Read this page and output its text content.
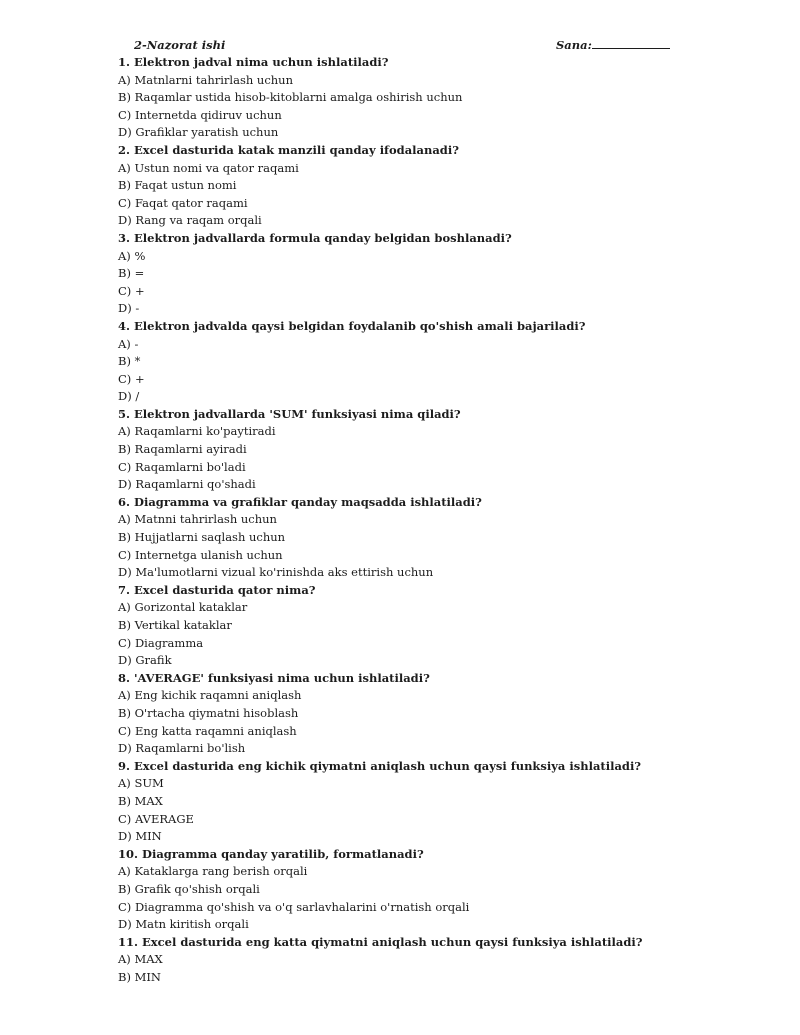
2-Nazorat ishi	Sana:
1. Elektron jadval nima uchun ishlatiladi?
A) Matnlarni tahrirlash uchun
B) Raqamlar ustida hisob-kitoblarni amalga oshirish uchun
C) Internetda qidiruv uchun
D) Grafiklar yaratish uchun
2. Excel dasturida katak manzili qanday ifodalanadi?
A) Ustun nomi va qator raqami
B) Faqat ustun nomi
C) Faqat qator raqami
D) Rang va raqam orqali
3. Elektron jadvallarda formula qanday belgidan boshlanadi?
A) %
B) =
C) +
D) -
4. Elektron jadvalda qaysi belgidan foydalanib qo'shish amali bajariladi?
A) -
B) *
C) +
D) /
5. Elektron jadvallarda 'SUM' funksiyasi nima qiladi?
A) Raqamlarni ko'paytiradi
B) Raqamlarni ayiradi
C) Raqamlarni bo'ladi
D) Raqamlarni qo'shadi
6. Diagramma va grafiklar qanday maqsadda ishlatiladi?
A) Matnni tahrirlash uchun
B) Hujjatlarni saqlash uchun
C) Internetga ulanish uchun
D) Ma'lumotlarni vizual ko'rinishda aks ettirish uchun
7. Excel dasturida qator nima?
A) Gorizontal kataklar
B) Vertikal kataklar
C) Diagramma
D) Grafik
8. 'AVERAGE' funksiyasi nima uchun ishlatiladi?
A) Eng kichik raqamni aniqlash
B) O'rtacha qiymatni hisoblash
C) Eng katta raqamni aniqlash
D) Raqamlarni bo'lish
9. Excel dasturida eng kichik qiymatni aniqlash uchun qaysi funksiya ishlatiladi?
A) SUM
B) MAX
C) AVERAGE
D) MIN
10. Diagramma qanday yaratilib, formatlanadi?
A) Kataklarga rang berish orqali
B) Grafik qo'shish orqali
C) Diagramma qo'shish va o'q sarlavhalarini o'rnatish orqali
D) Matn kiritish orqali
11. Excel dasturida eng katta qiymatni aniqlash uchun qaysi funksiya ishlatiladi?
A) MAX
B) MIN
